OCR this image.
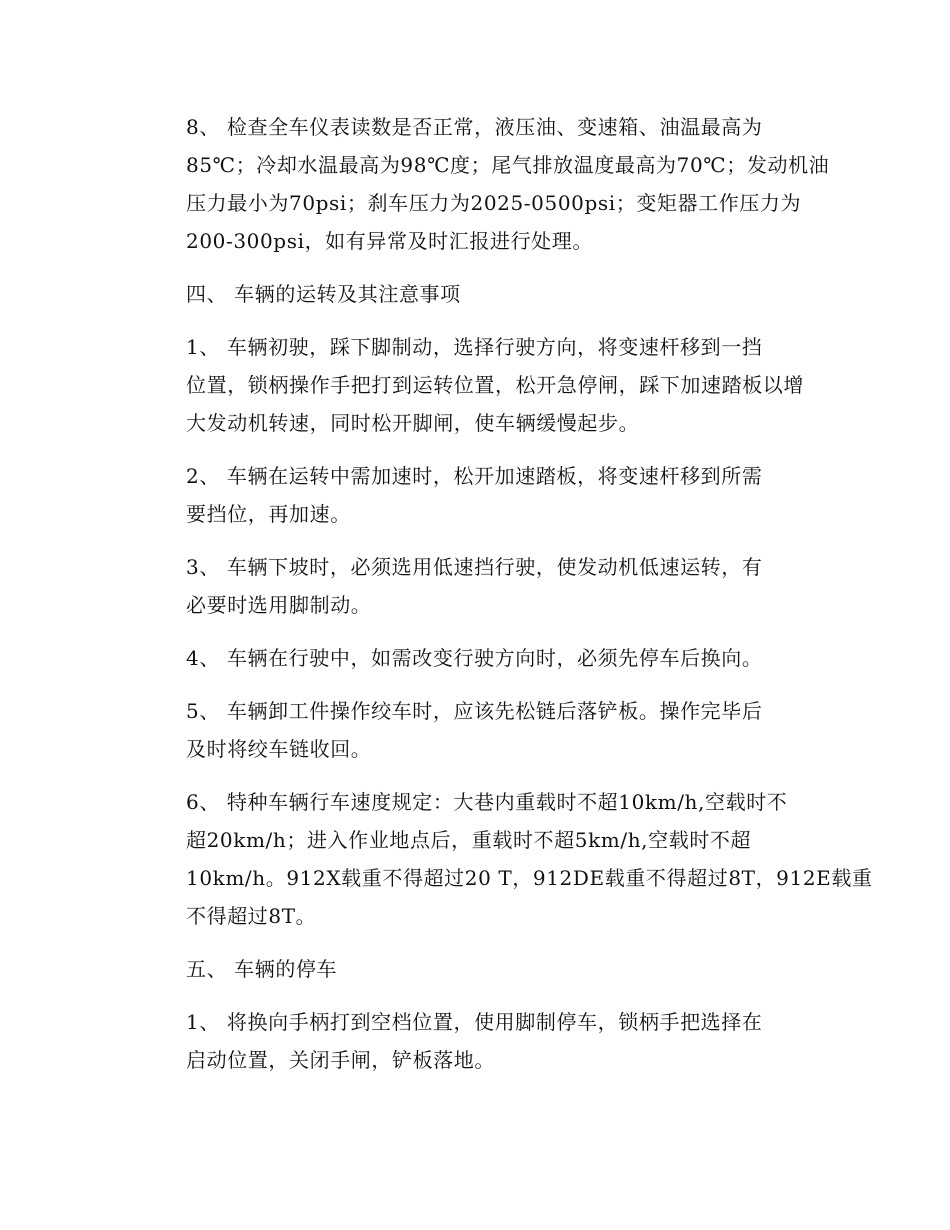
8、 检查全车仪表读数是否正常，液压油、变速箱、油温最高为
85℃；冷却水温最高为98℃度；尾气排放温度最高为70℃；发动机油
压力最小为70psi；刹车压力为2025-0500psi；变矩器工作压力为
200-300psi，如有异常及时汇报进行处理。

四、 车辆的运转及其注意事项

1、 车辆初驶，踩下脚制动，选择行驶方向，将变速杆移到一挡
位置，锁柄操作手把打到运转位置，松开急停闸，踩下加速踏板以增
大发动机转速，同时松开脚闸，使车辆缓慢起步。

2、 车辆在运转中需加速时，松开加速踏板，将变速杆移到所需
要挡位，再加速。

3、 车辆下坡时，必须选用低速挡行驶，使发动机低速运转，有
必要时选用脚制动。

4、 车辆在行驶中，如需改变行驶方向时，必须先停车后换向。

5、 车辆卸工件操作绞车时，应该先松链后落铲板。操作完毕后
及时将绞车链收回。

6、 特种车辆行车速度规定：大巷内重载时不超10km/h,空载时不
超20km/h；进入作业地点后，重载时不超5km/h,空载时不超
10km/h。912X载重不得超过20 T，912DE载重不得超过8T，912E载重
不得超过8T。

五、 车辆的停车

1、 将换向手柄打到空档位置，使用脚制停车，锁柄手把选择在
启动位置，关闭手闸，铲板落地。
